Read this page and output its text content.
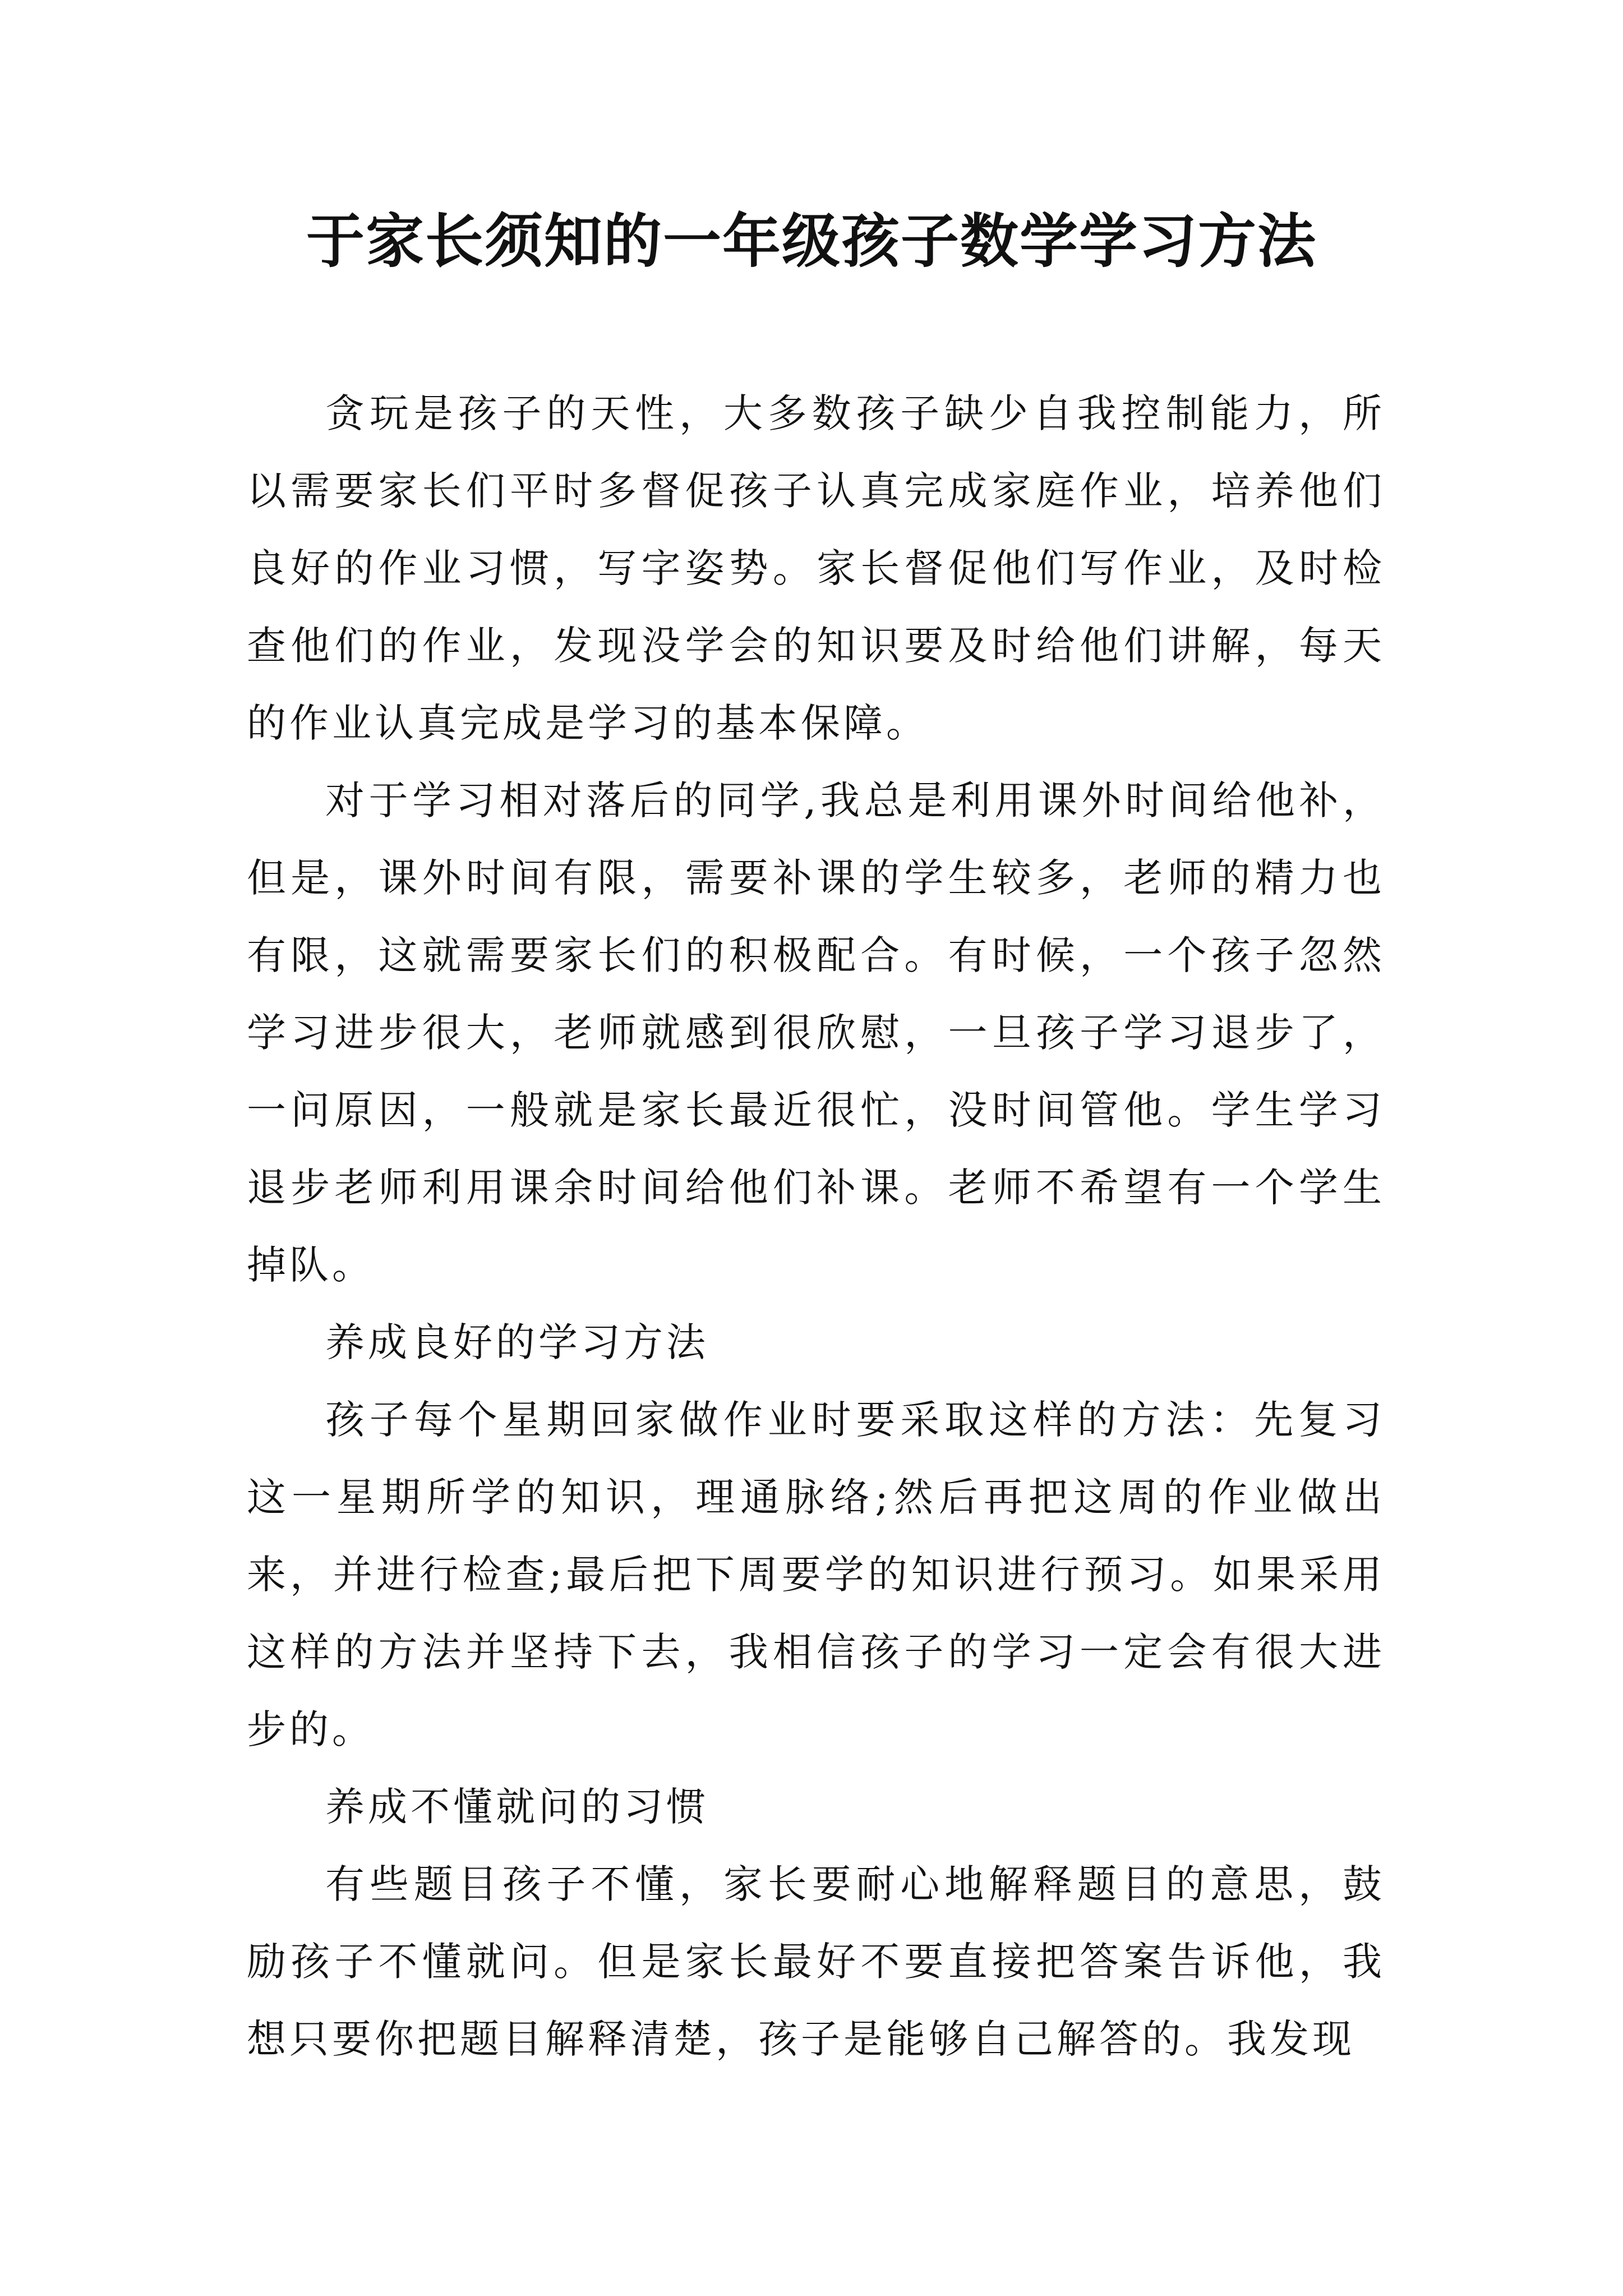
于家长须知的一年级孩子数学学习方法

贪玩是孩子的天性，大多数孩子缺少自我控制能力，所以需要家长们平时多督促孩子认真完成家庭作业，培养他们良好的作业习惯，写字姿势。家长督促他们写作业，及时检查他们的作业，发现没学会的知识要及时给他们讲解，每天的作业认真完成是学习的基本保障。

对于学习相对落后的同学,我总是利用课外时间给他补，但是，课外时间有限，需要补课的学生较多，老师的精力也有限，这就需要家长们的积极配合。有时候，一个孩子忽然学习进步很大，老师就感到很欣慰，一旦孩子学习退步了，一问原因，一般就是家长最近很忙，没时间管他。学生学习退步老师利用课余时间给他们补课。老师不希望有一个学生掉队。

养成良好的学习方法

孩子每个星期回家做作业时要采取这样的方法：先复习这一星期所学的知识，理通脉络;然后再把这周的作业做出来，并进行检查;最后把下周要学的知识进行预习。如果采用这样的方法并坚持下去，我相信孩子的学习一定会有很大进步的。

养成不懂就问的习惯

有些题目孩子不懂，家长要耐心地解释题目的意思，鼓励孩子不懂就问。但是家长最好不要直接把答案告诉他，我想只要你把题目解释清楚，孩子是能够自己解答的。我发现
